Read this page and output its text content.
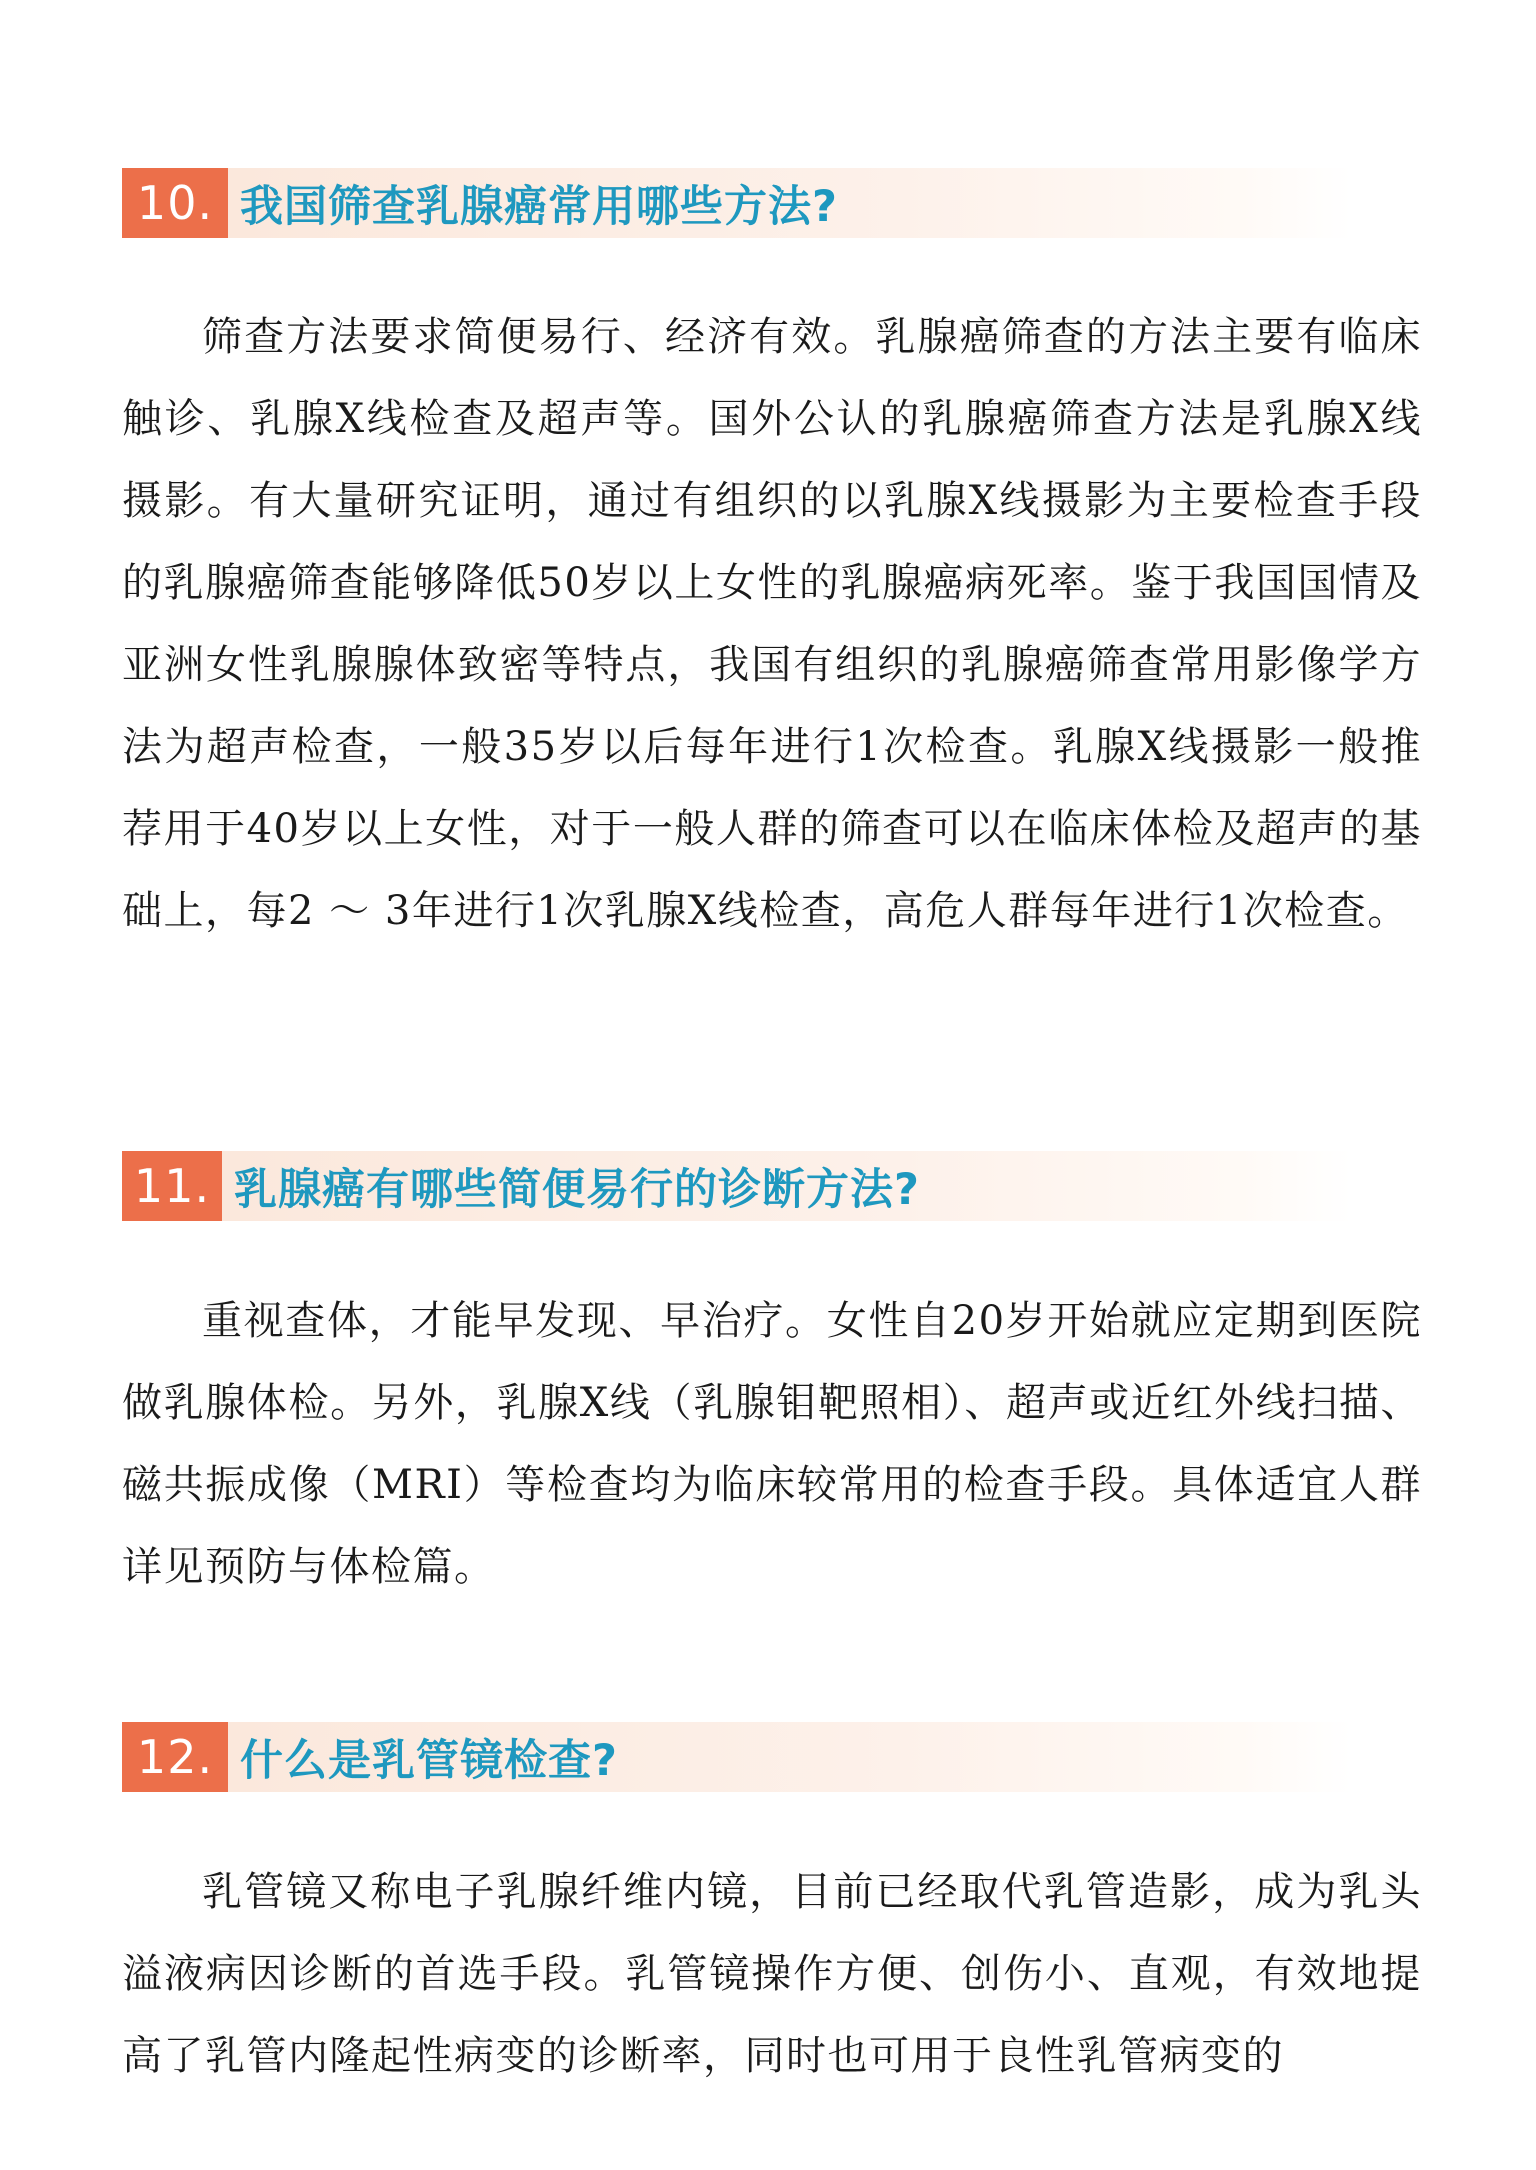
10. 我国筛查乳腺癌常用哪些方法?

筛查方法要求简便易行、经济有效。乳腺癌筛查的方法主要有临床触诊、乳腺X线检查及超声等。国外公认的乳腺癌筛查方法是乳腺X线摄影。有大量研究证明，通过有组织的以乳腺X线摄影为主要检查手段的乳腺癌筛查能够降低50岁以上女性的乳腺癌病死率。鉴于我国国情及亚洲女性乳腺腺体致密等特点，我国有组织的乳腺癌筛查常用影像学方法为超声检查，一般35岁以后每年进行1次检查。乳腺X线摄影一般推荐用于40岁以上女性，对于一般人群的筛查可以在临床体检及超声的基础上，每2 ～ 3年进行1次乳腺X线检查，高危人群每年进行1次检查。

11. 乳腺癌有哪些简便易行的诊断方法?

重视查体，才能早发现、早治疗。女性自20岁开始就应定期到医院做乳腺体检。另外，乳腺X线（乳腺钼靶照相）、超声或近红外线扫描、磁共振成像（MRI）等检查均为临床较常用的检查手段。具体适宜人群详见预防与体检篇。

12. 什么是乳管镜检查?

乳管镜又称电子乳腺纤维内镜，目前已经取代乳管造影，成为乳头溢液病因诊断的首选手段。乳管镜操作方便、创伤小、直观，有效地提高了乳管内隆起性病变的诊断率，同时也可用于良性乳管病变的
